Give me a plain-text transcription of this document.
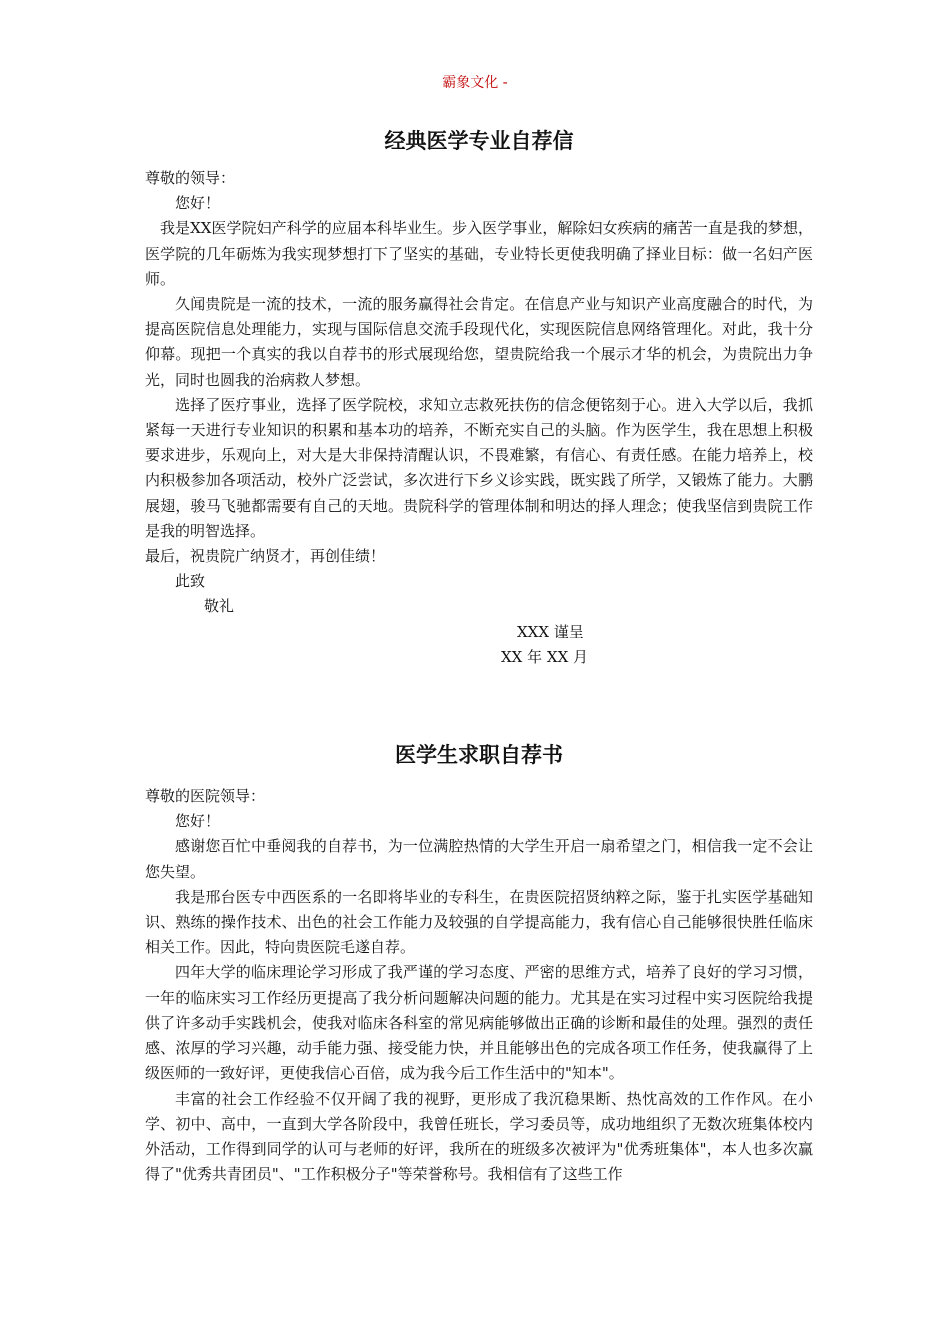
霸象文化 -
经典医学专业自荐信

尊敬的领导：

您好！

我是XX医学院妇产科学的应届本科毕业生。步入医学事业，解除妇女疾病的痛苦一直是我的梦想，医学院的几年砺炼为我实现梦想打下了坚实的基础，专业特长更使我明确了择业目标：做一名妇产医师。

久闻贵院是一流的技术，一流的服务赢得社会肯定。在信息产业与知识产业高度融合的时代，为提高医院信息处理能力，实现与国际信息交流手段现代化，实现医院信息网络管理化。对此，我十分仰幕。现把一个真实的我以自荐书的形式展现给您，望贵院给我一个展示才华的机会，为贵院出力争光，同时也圆我的治病救人梦想。

选择了医疗事业，选择了医学院校，求知立志救死扶伤的信念便铭刻于心。进入大学以后，我抓紧每一天进行专业知识的积累和基本功的培养，不断充实自己的头脑。作为医学生，我在思想上积极要求进步，乐观向上，对大是大非保持清醒认识，不畏难繁，有信心、有责任感。在能力培养上，校内积极参加各项活动，校外广泛尝试，多次进行下乡义诊实践，既实践了所学，又锻炼了能力。大鹏展翅，骏马飞驰都需要有自己的天地。贵院科学的管理体制和明达的择人理念；使我坚信到贵院工作是我的明智选择。

最后，祝贵院广纳贤才，再创佳绩！

此致

敬礼

XXX 谨呈

XX 年 XX 月

医学生求职自荐书

尊敬的医院领导：

您好！

感谢您百忙中垂阅我的自荐书，为一位满腔热情的大学生开启一扇希望之门，相信我一定不会让您失望。

我是邢台医专中西医系的一名即将毕业的专科生，在贵医院招贤纳粹之际，鉴于扎实医学基础知识、熟练的操作技术、出色的社会工作能力及较强的自学提高能力，我有信心自己能够很快胜任临床相关工作。因此，特向贵医院毛遂自荐。

四年大学的临床理论学习形成了我严谨的学习态度、严密的思维方式，培养了良好的学习习惯，一年的临床实习工作经历更提高了我分析问题解决问题的能力。尤其是在实习过程中实习医院给我提供了许多动手实践机会，使我对临床各科室的常见病能够做出正确的诊断和最佳的处理。强烈的责任感、浓厚的学习兴趣，动手能力强、接受能力快，并且能够出色的完成各项工作任务，使我赢得了上级医师的一致好评，更使我信心百倍，成为我今后工作生活中的"知本"。

丰富的社会工作经验不仅开阔了我的视野，更形成了我沉稳果断、热忱高效的工作作风。在小学、初中、高中，一直到大学各阶段中，我曾任班长，学习委员等，成功地组织了无数次班集体校内外活动，工作得到同学的认可与老师的好评，我所在的班级多次被评为"优秀班集体"，本人也多次赢得了"优秀共青团员"、"工作积极分子"等荣誉称号。我相信有了这些工作
